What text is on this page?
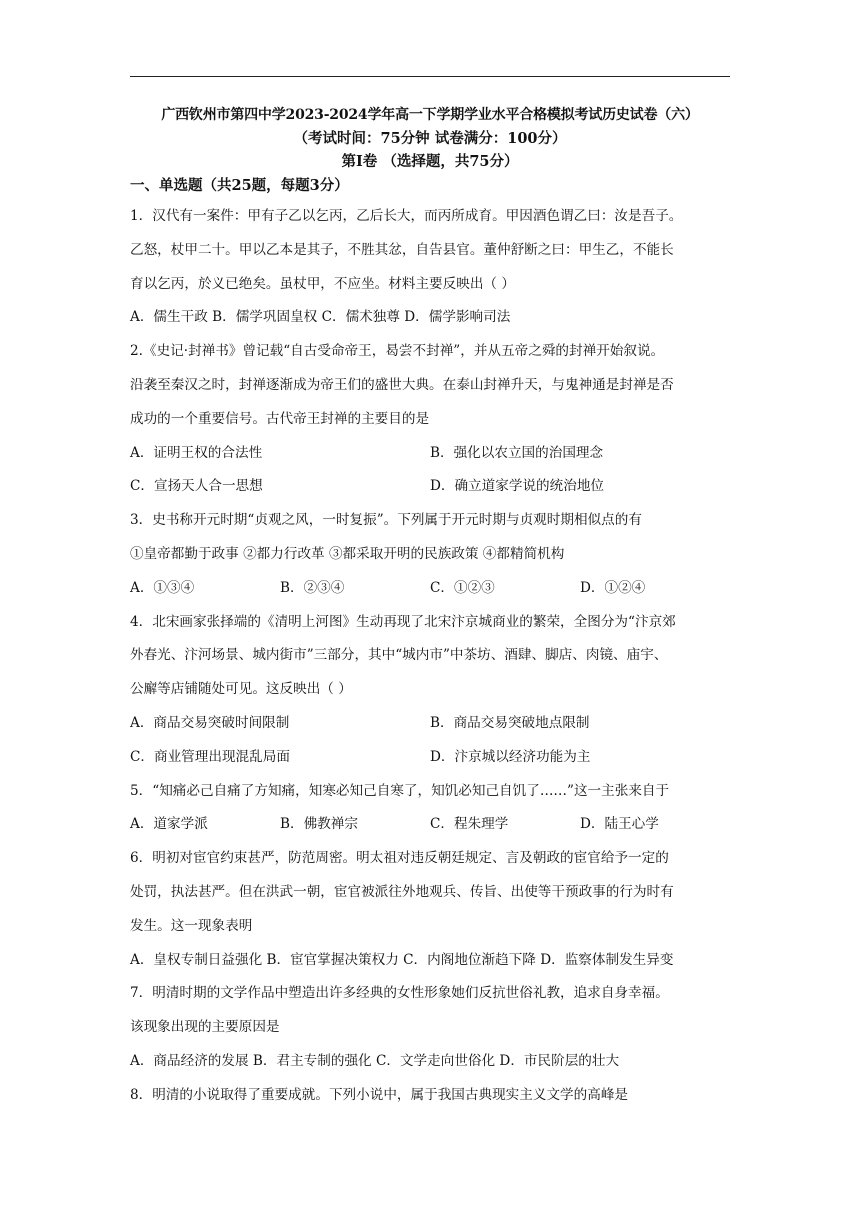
广西钦州市第四中学2023-2024学年高一下学期学业水平合格模拟考试历史试卷（六）
（考试时间：75分钟 试卷满分：100分）
第I卷 （选择题，共75分）
一、单选题（共25题，每题3分）
1．汉代有一案件：甲有子乙以乞丙，乙后长大，而丙所成育。甲因酒色谓乙曰：汝是吾子。
乙怒，杖甲二十。甲以乙本是其子，不胜其忿，自告县官。董仲舒断之曰：甲生乙，不能长
育以乞丙，於义已绝矣。虽杖甲，不应坐。材料主要反映出（ ）
A．儒生干政 B．儒学巩固皇权 C．儒术独尊 D．儒学影响司法
2.《史记·封禅书》曾记载“自古受命帝王，曷尝不封禅”，并从五帝之舜的封禅开始叙说。
沿袭至秦汉之时，封禅逐渐成为帝王们的盛世大典。在泰山封禅升天，与鬼神通是封禅是否
成功的一个重要信号。古代帝王封禅的主要目的是
A．证明王权的合法性	B．强化以农立国的治国理念
C．宣扬天人合一思想	D．确立道家学说的统治地位
3．史书称开元时期“贞观之风，一时复振”。下列属于开元时期与贞观时期相似点的有
①皇帝都勤于政事 ②都力行改革 ③都采取开明的民族政策 ④都精简机构
A．①③④	B．②③④	C．①②③	D．①②④
4．北宋画家张择端的《清明上河图》生动再现了北宋汴京城商业的繁荣，全图分为“汴京郊
外春光、汴河场景、城内街市”三部分，其中“城内市”中茶坊、酒肆、脚店、肉镜、庙宇、
公廨等店铺随处可见。这反映出（ ）
A．商品交易突破时间限制	B．商品交易突破地点限制
C．商业管理出现混乱局面	D．汴京城以经济功能为主
5．“知痛必己自痛了方知痛，知寒必知己自寒了，知饥必知己自饥了……”这一主张来自于
A．道家学派	B．佛教禅宗	C．程朱理学	D．陆王心学
6．明初对宦官约束甚严，防范周密。明太祖对违反朝廷规定、言及朝政的宦官给予一定的
处罚，执法甚严。但在洪武一朝，宦官被派往外地观兵、传旨、出使等干预政事的行为时有
发生。这一现象表明
A．皇权专制日益强化 B．宦官掌握决策权力 C．内阁地位渐趋下降 D．监察体制发生异变
7．明清时期的文学作品中塑造出许多经典的女性形象她们反抗世俗礼教，追求自身幸福。
该现象出现的主要原因是
A．商品经济的发展 B．君主专制的强化 C．文学走向世俗化 D．市民阶层的壮大
8．明清的小说取得了重要成就。下列小说中，属于我国古典现实主义文学的高峰是
